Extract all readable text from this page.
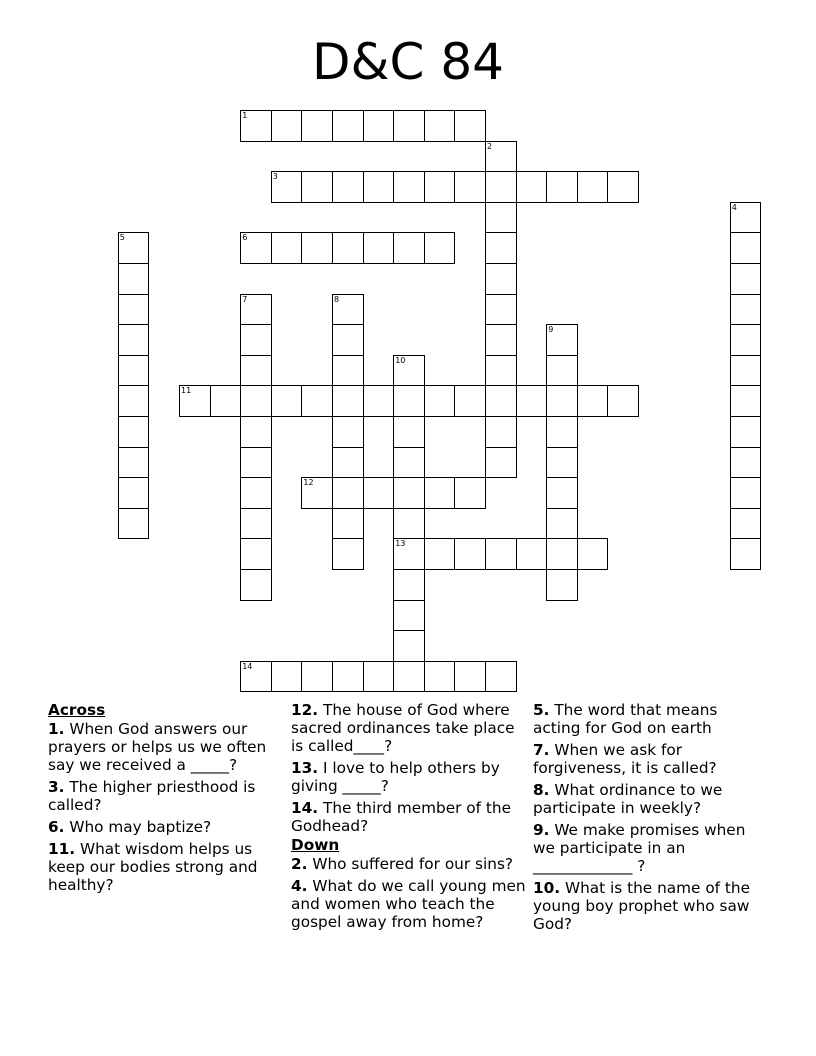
D&C 84
1
2
3
4
5	6
7	8
9
10
13
11
12
14
Across
1. When God answers our prayers or helps us we often say we received a _____?
3. The higher priesthood is called?
6. Who may baptize?
11. What wisdom helps us keep our bodies strong and healthy?
12. The house of God where sacred ordinances take place is called____?
13. I love to help others by giving _____?
14. The third member of the Godhead?
Down
2. Who suffered for our sins?
4. What do we call young men and women who teach the gospel away from home?
5. The word that means acting for God on earth
7. When we ask for forgiveness, it is called?
8. What ordinance to we participate in weekly?
9. We make promises when we participate in an _____________ ?
10. What is the name of the young boy prophet who saw God?
